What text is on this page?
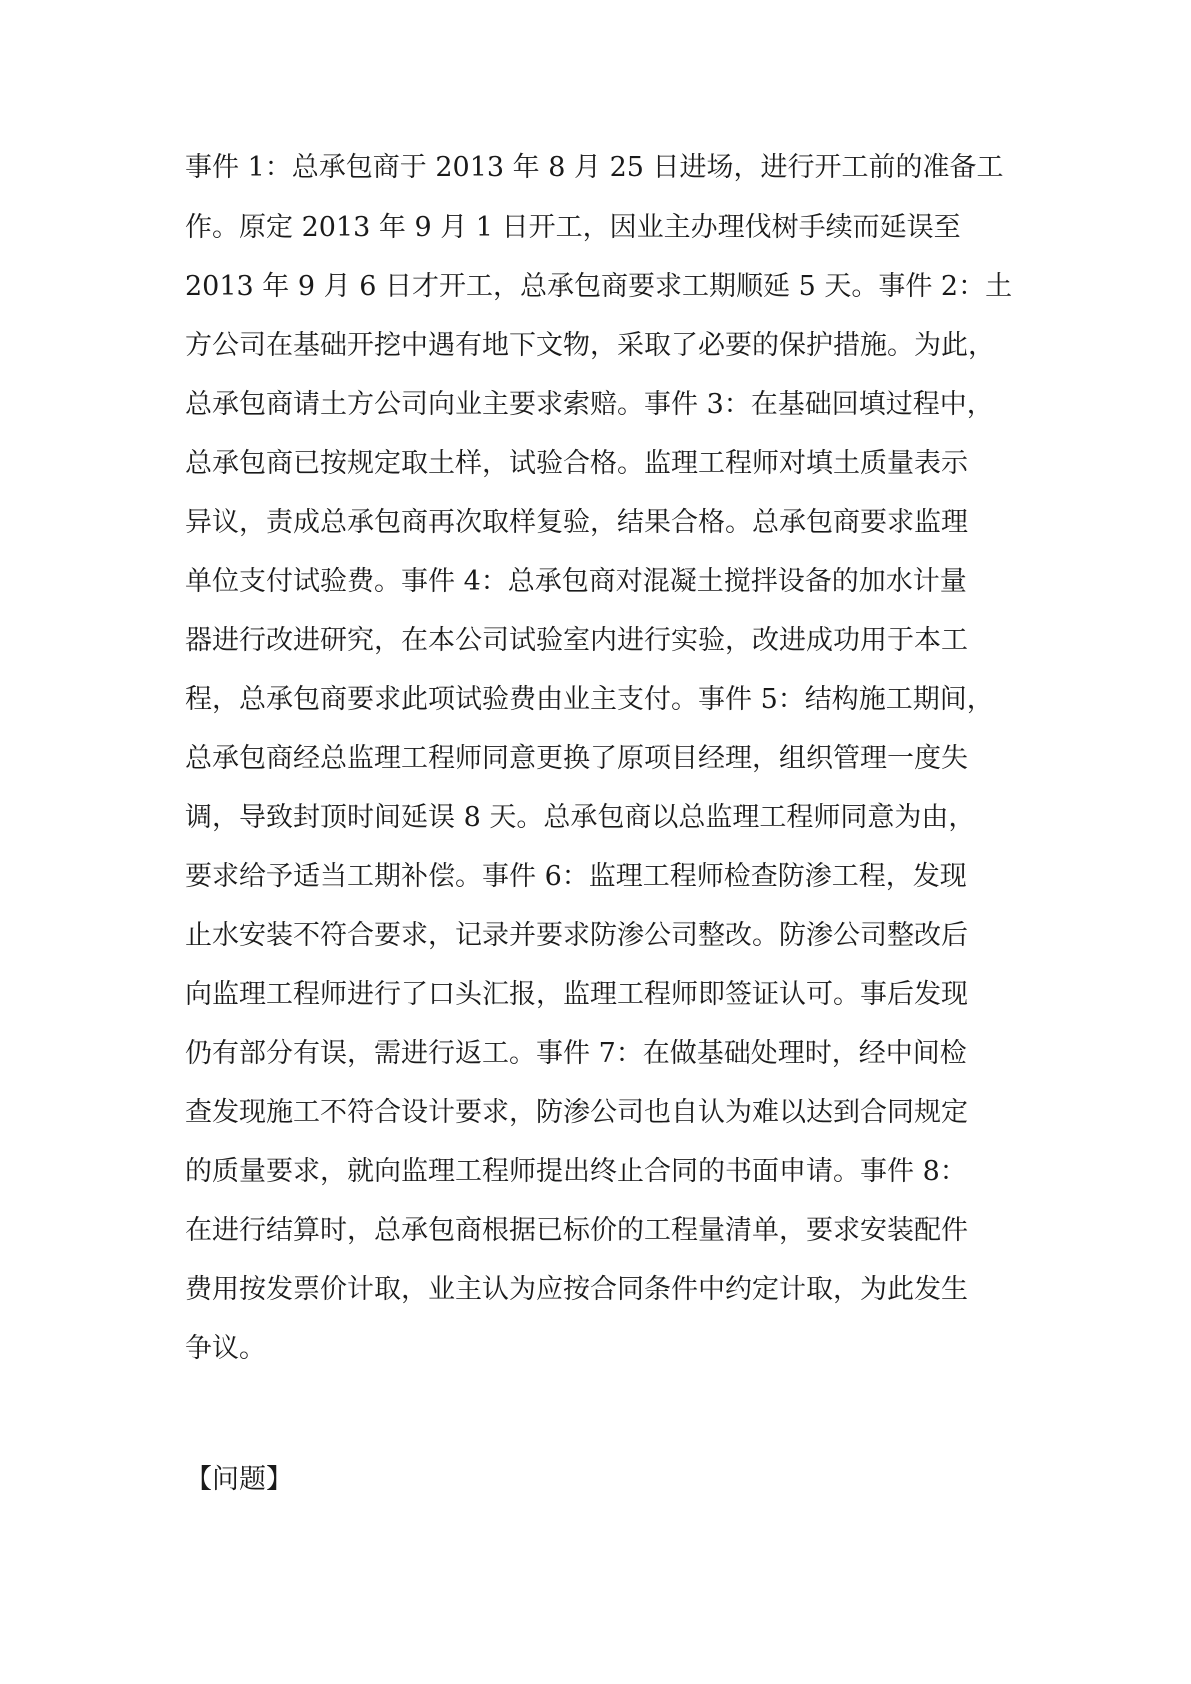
事件 1：总承包商于 2013 年 8 月 25 日进场，进行开工前的准备工
作。原定 2013 年 9 月 1 日开工，因业主办理伐树手续而延误至
2013 年 9 月 6 日才开工，总承包商要求工期顺延 5 天。事件 2：土
方公司在基础开挖中遇有地下文物，采取了必要的保护措施。为此，
总承包商请土方公司向业主要求索赔。事件 3：在基础回填过程中，
总承包商已按规定取土样，试验合格。监理工程师对填土质量表示
异议，责成总承包商再次取样复验，结果合格。总承包商要求监理
单位支付试验费。事件 4：总承包商对混凝土搅拌设备的加水计量
器进行改进研究，在本公司试验室内进行实验，改进成功用于本工
程，总承包商要求此项试验费由业主支付。事件 5：结构施工期间，
总承包商经总监理工程师同意更换了原项目经理，组织管理一度失
调，导致封顶时间延误 8 天。总承包商以总监理工程师同意为由，
要求给予适当工期补偿。事件 6：监理工程师检查防渗工程，发现
止水安装不符合要求，记录并要求防渗公司整改。防渗公司整改后
向监理工程师进行了口头汇报，监理工程师即签证认可。事后发现
仍有部分有误，需进行返工。事件 7：在做基础处理时，经中间检
查发现施工不符合设计要求，防渗公司也自认为难以达到合同规定
的质量要求，就向监理工程师提出终止合同的书面申请。事件 8：
在进行结算时，总承包商根据已标价的工程量清单，要求安装配件
费用按发票价计取，业主认为应按合同条件中约定计取，为此发生
争议。
【问题】
